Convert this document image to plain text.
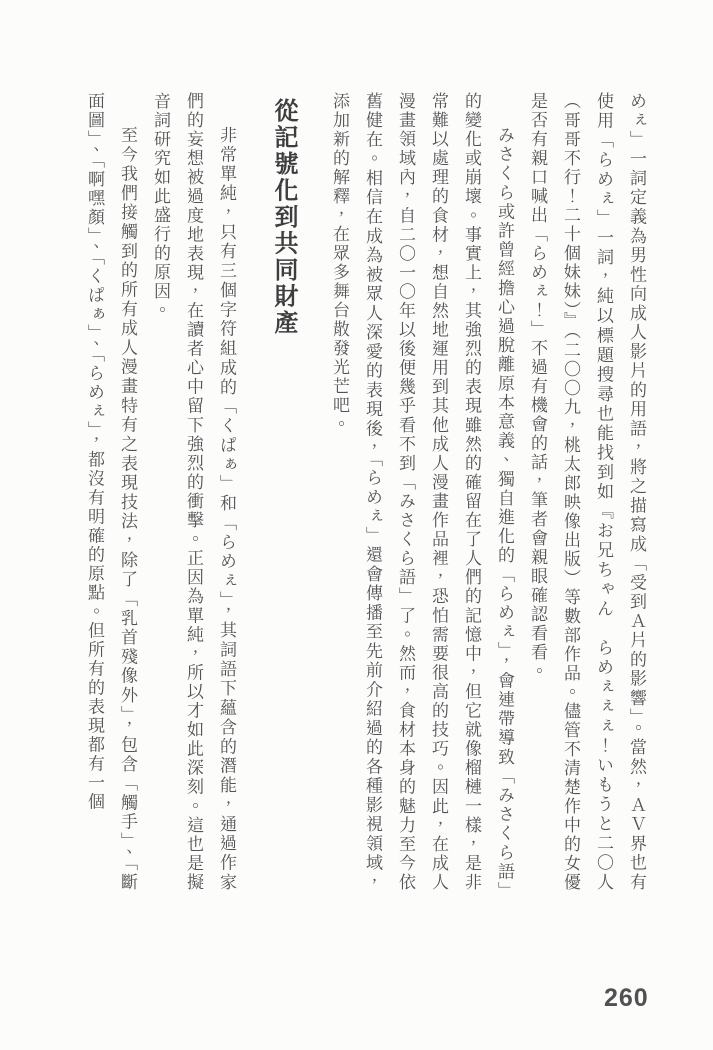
めぇ」一詞定義為男性向成人影片的用語，將之描寫成「受到Ａ片的影響」。當然，ＡＶ界也有使用「らめぇ」一詞，純以標題搜尋也能找到如『お兄ちゃん　らめぇぇぇ！いもうと二〇人（哥哥不行！二十個妹妹）』（二〇〇九，桃太郎映像出版）等數部作品。儘管不清楚作中的女優是否有親口喊出「らめぇ！」不過有機會的話，筆者會親眼確認看看。

みさくら或許曾經擔心過脫離原本意義、獨自進化的「らめぇ」，會連帶導致「みさくら語」的變化或崩壞。事實上，其強烈的表現雖然的確留在了人們的記憶中，但它就像榴槤一樣，是非常難以處理的食材，想自然地運用到其他成人漫畫作品裡，恐怕需要很高的技巧。因此，在成人漫畫領域內，自二〇一〇年以後便幾乎看不到「みさくら語」了。然而，食材本身的魅力至今依舊健在。相信在成為被眾人深愛的表現後，「らめぇ」還會傳播至先前介紹過的各種影視領域，添加新的解釋，在眾多舞台散發光芒吧。

從記號化到共同財產

非常單純，只有三個字符組成的「くぱぁ」和「らめぇ」，其詞語下蘊含的潛能，通過作家們的妄想被過度地表現，在讀者心中留下強烈的衝擊。正因為單純，所以才如此深刻。這也是擬音詞研究如此盛行的原因。

至今我們接觸到的所有成人漫畫特有之表現技法，除了「乳首殘像外」，包含「觸手」、「斷面圖」、「啊嘿顏」、「くぱぁ」、「らめぇ」，都沒有明確的原點。但所有的表現都有一個

260
